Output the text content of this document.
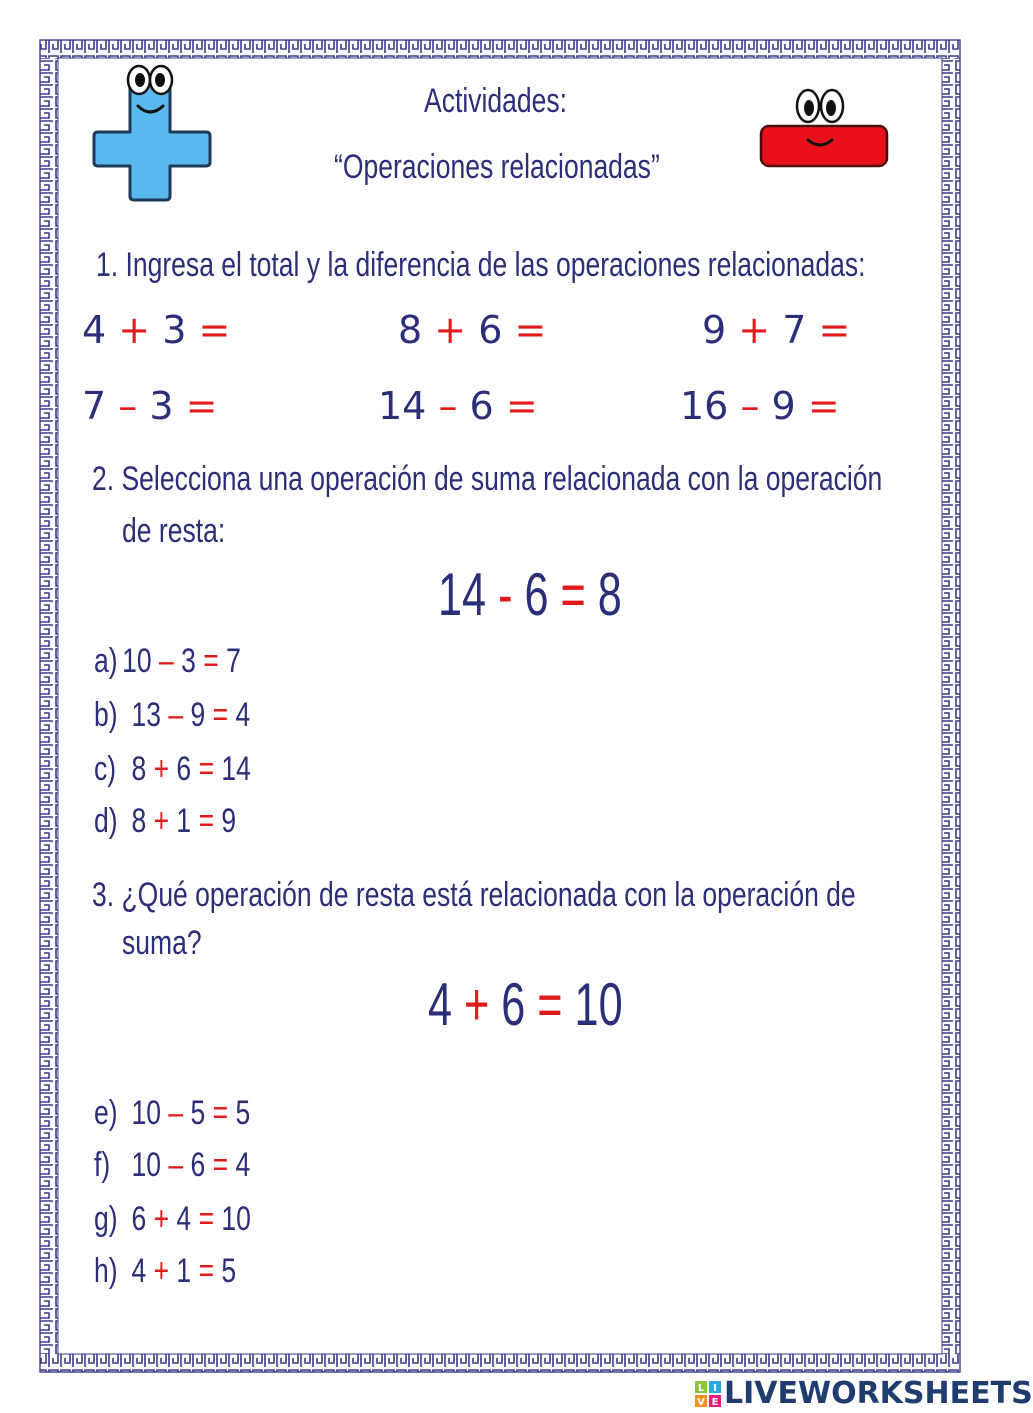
Actividades:
“Operaciones relacionadas”
1. Ingresa el total y la diferencia de las operaciones relacionadas:
4 + 3 =	8 + 6 =	9 + 7 =
7 – 3 =	14 – 6 =	16 – 9 =
2. Selecciona una operación de suma relacionada con la operación
de resta:
14 - 6 = 8
a) 10 – 3 = 7
b) 13 – 9 = 4
c) 8 + 6 = 14
d) 8 + 1 = 9
3. ¿Qué operación de resta está relacionada con la operación de
suma?
4 + 6 = 10
e) 10 – 5 = 5
f) 10 – 6 = 4
g) 6 + 4 = 10
h) 4 + 1 = 5
L I
V E LIVEWORKSHEETS
